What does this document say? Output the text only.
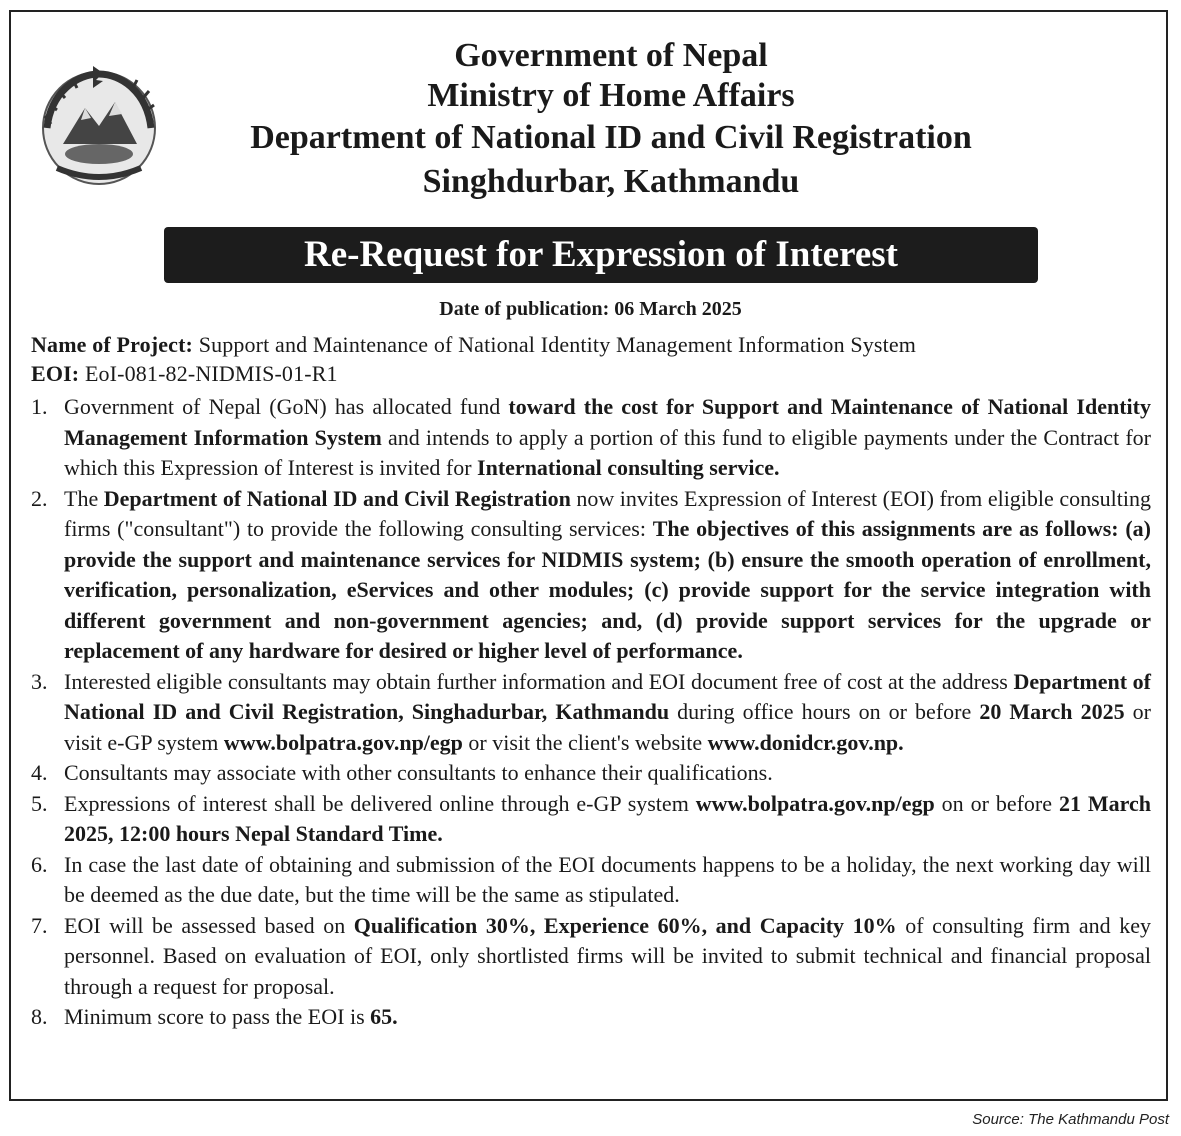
Government of Nepal
Ministry of Home Affairs
Department of National ID and Civil Registration
Singhdurbar, Kathmandu
Re-Request for Expression of Interest
Date of publication: 06 March 2025
Name of Project: Support and Maintenance of National Identity Management Information System
EOI: EoI-081-82-NIDMIS-01-R1
1. Government of Nepal (GoN) has allocated fund toward the cost for Support and Maintenance of National Identity Management Information System and intends to apply a portion of this fund to eligible payments under the Contract for which this Expression of Interest is invited for International consulting service.
2. The Department of National ID and Civil Registration now invites Expression of Interest (EOI) from eligible consulting firms ("consultant") to provide the following consulting services: The objectives of this assignments are as follows: (a) provide the support and maintenance services for NIDMIS system; (b) ensure the smooth operation of enrollment, verification, personalization, eServices and other modules; (c) provide support for the service integration with different government and non-government agencies; and, (d) provide support services for the upgrade or replacement of any hardware for desired or higher level of performance.
3. Interested eligible consultants may obtain further information and EOI document free of cost at the address Department of National ID and Civil Registration, Singhadurbar, Kathmandu during office hours on or before 20 March 2025 or visit e-GP system www.bolpatra.gov.np/egp or visit the client's website www.donidcr.gov.np.
4. Consultants may associate with other consultants to enhance their qualifications.
5. Expressions of interest shall be delivered online through e-GP system www.bolpatra.gov.np/egp on or before 21 March 2025, 12:00 hours Nepal Standard Time.
6. In case the last date of obtaining and submission of the EOI documents happens to be a holiday, the next working day will be deemed as the due date, but the time will be the same as stipulated.
7. EOI will be assessed based on Qualification 30%, Experience 60%, and Capacity 10% of consulting firm and key personnel. Based on evaluation of EOI, only shortlisted firms will be invited to submit technical and financial proposal through a request for proposal.
8. Minimum score to pass the EOI is 65.
Source: The Kathmandu Post
